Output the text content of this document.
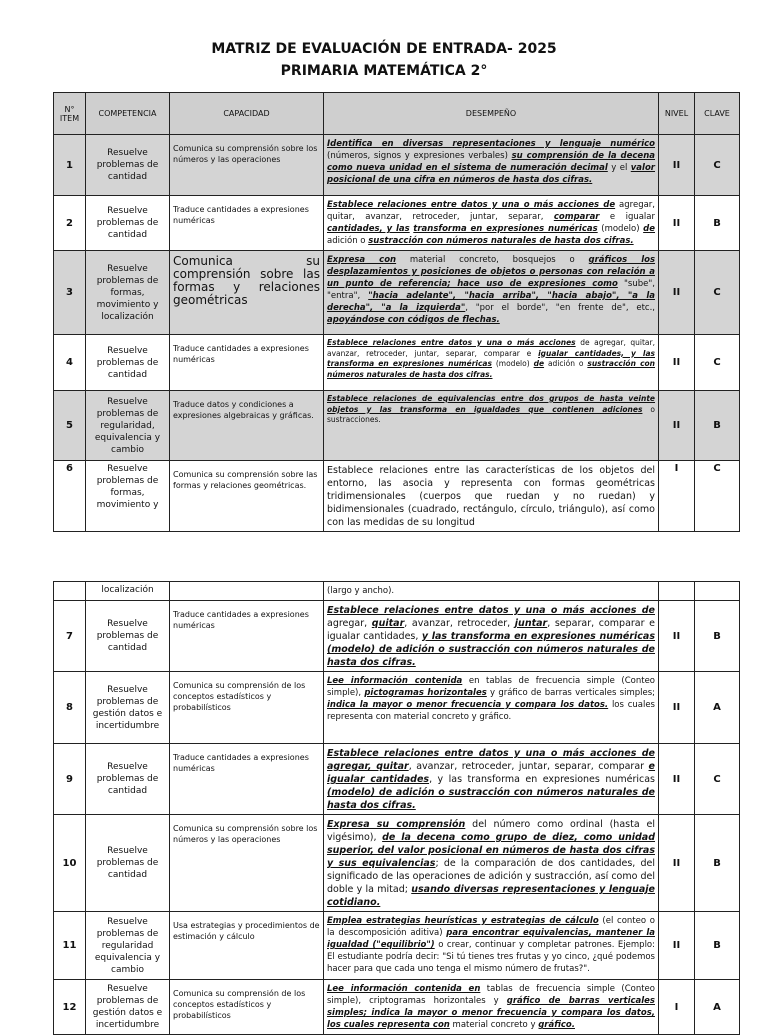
MATRIZ DE EVALUACIÓN DE ENTRADA- 2025
PRIMARIA MATEMÁTICA 2°
N° ITEM	COMPETENCIA	CAPACIDAD	DESEMPEÑO	NIVEL	CLAVE
1	Resuelve problemas de cantidad	Comunica su comprensión sobre los números y las operaciones	Identifica en diversas representaciones y lenguaje numérico (números, signos y expresiones verbales) su comprensión de la decena como nueva unidad en el sistema de numeración decimal y el valor posicional de una cifra en números de hasta dos cifras.	II	C
2	Resuelve problemas de cantidad	Traduce cantidades a expresiones numéricas	Establece relaciones entre datos y una o más acciones de agregar, quitar, avanzar, retroceder, juntar, separar, comparar e igualar cantidades, y las transforma en expresiones numéricas (modelo) de adición o sustracción con números naturales de hasta dos cifras.	II	B
3	Resuelve problemas de formas, movimiento y localización	Comunica su comprensión sobre las formas y relaciones geométricas	Expresa con material concreto, bosquejos o gráficos los desplazamientos y posiciones de objetos o personas con relación a un punto de referencia; hace uso de expresiones como "sube", "entra", "hacia adelante", "hacia arriba", "hacia abajo", "a la derecha", "a la izquierda", "por el borde", "en frente de", etc., apoyándose con códigos de flechas.	II	C
4	Resuelve problemas de cantidad	Traduce cantidades a expresiones numéricas	Establece relaciones entre datos y una o más acciones de agregar, quitar, avanzar, retroceder, juntar, separar, comparar e igualar cantidades, y las transforma en expresiones numéricas (modelo) de adición o sustracción con números naturales de hasta dos cifras.	II	C
5	Resuelve problemas de regularidad, equivalencia y cambio	Traduce datos y condiciones a expresiones algebraicas y gráficas.	Establece relaciones de equivalencias entre dos grupos de hasta veinte objetos y las transforma en igualdades que contienen adiciones o sustracciones.	II	B
6	Resuelve problemas de formas, movimiento y	Comunica su comprensión sobre las formas y relaciones geométricas.	Establece relaciones entre las características de los objetos del entorno, las asocia y representa con formas geométricas tridimensionales (cuerpos que ruedan y no ruedan) y bidimensionales (cuadrado, rectángulo, círculo, triángulo), así como con las medidas de su longitud	I	C
	localización		(largo y ancho).		
7	Resuelve problemas de cantidad	Traduce cantidades a expresiones numéricas	Establece relaciones entre datos y una o más acciones de agregar, quitar, avanzar, retroceder, juntar, separar, comparar e igualar cantidades, y las transforma en expresiones numéricas (modelo) de adición o sustracción con números naturales de hasta dos cifras.	II	B
8	Resuelve problemas de gestión datos e incertidumbre	Comunica su comprensión de los conceptos estadísticos y probabilísticos	Lee información contenida en tablas de frecuencia simple (Conteo simple), pictogramas horizontales y gráfico de barras verticales simples; indica la mayor o menor frecuencia y compara los datos. los cuales representa con material concreto y gráfico.	II	A
9	Resuelve problemas de cantidad	Traduce cantidades a expresiones numéricas	Establece relaciones entre datos y una o más acciones de agregar, quitar, avanzar, retroceder, juntar, separar, comparar e igualar cantidades, y las transforma en expresiones numéricas (modelo) de adición o sustracción con números naturales de hasta dos cifras.	II	C
10	Resuelve problemas de cantidad	Comunica su comprensión sobre los números y las operaciones	Expresa su comprensión del número como ordinal (hasta el vigésimo), de la decena como grupo de diez, como unidad superior, del valor posicional en números de hasta dos cifras y sus equivalencias; de la comparación de dos cantidades, del significado de las operaciones de adición y sustracción, así como del doble y la mitad; usando diversas representaciones y lenguaje cotidiano.	II	B
11	Resuelve problemas de regularidad equivalencia y cambio	Usa estrategias y procedimientos de estimación y cálculo	Emplea estrategias heurísticas y estrategias de cálculo (el conteo o la descomposición aditiva) para encontrar equivalencias, mantener la igualdad ("equilibrio") o crear, continuar y completar patrones. Ejemplo: El estudiante podría decir: "Si tú tienes tres frutas y yo cinco, ¿qué podemos hacer para que cada uno tenga el mismo número de frutas?".	II	B
12	Resuelve problemas de gestión datos e incertidumbre	Comunica su comprensión de los conceptos estadísticos y probabilísticos	Lee información contenida en tablas de frecuencia simple (Conteo simple), criptogramas horizontales y gráfico de barras verticales simples; indica la mayor o menor frecuencia y compara los datos, los cuales representa con material concreto y gráfico.	I	A
